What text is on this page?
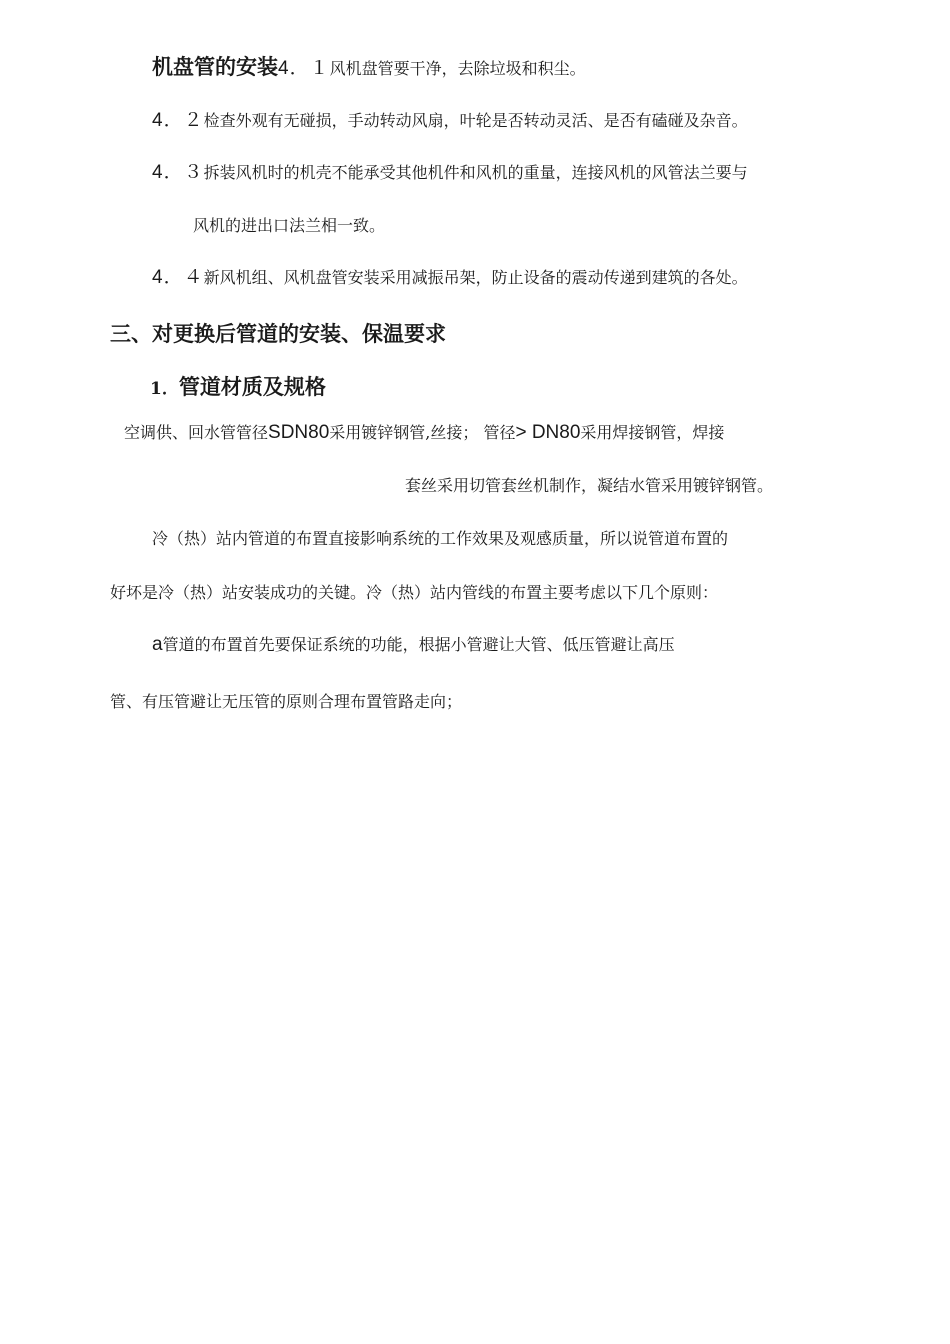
机盘管的安装4．１风机盘管要干净，去除垃圾和积尘。
4．２检查外观有无碰损，手动转动风扇，叶轮是否转动灵活、是否有磕碰及杂音。
4．３拆装风机时的机壳不能承受其他机件和风机的重量，连接风机的风管法兰要与
风机的进出口法兰相一致。
4．４新风机组、风机盘管安装采用减振吊架，防止设备的震动传递到建筑的各处。
三、对更换后管道的安装、保温要求
1．管道材质及规格
空调供、回水管管径SDN80采用镀锌钢管,丝接； 管径> DN80采用焊接钢管，焊接
套丝采用切管套丝机制作，凝结水管采用镀锌钢管。
冷（热）站内管道的布置直接影响系统的工作效果及观感质量，所以说管道布置的
好坏是冷（热）站安装成功的关键。冷（热）站内管线的布置主要考虑以下几个原则：
a管道的布置首先要保证系统的功能，根据小管避让大管、低压管避让高压
管、有压管避让无压管的原则合理布置管路走向；
